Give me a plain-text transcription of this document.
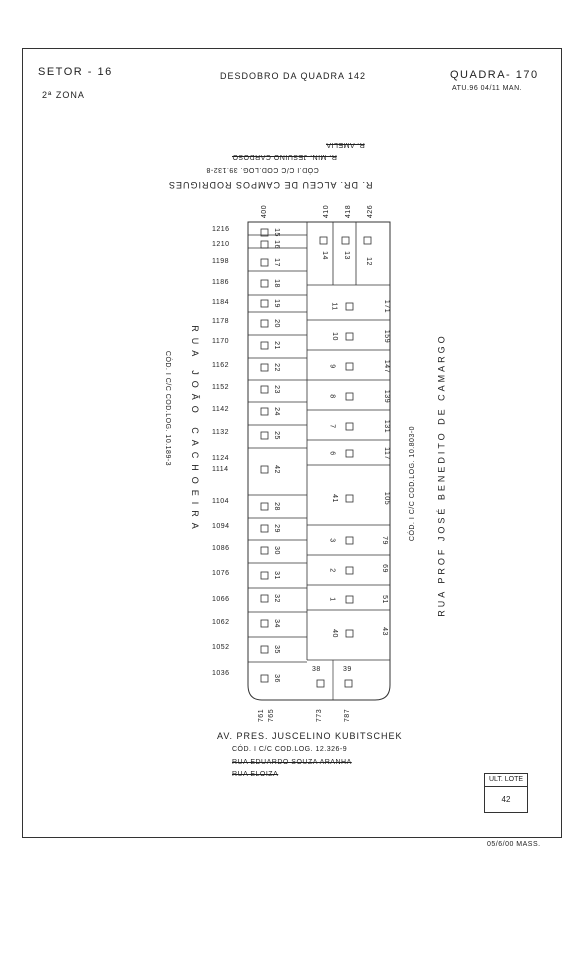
SETOR - 16
2ª ZONA
DESDOBRO DA QUADRA 142	QUADRA- 170
ATU.96 04/11 MAN.
R. DR. ALCEU DE CAMPOS RODRIGUES
CÓD.I C/C COD.LOG. 39.132-8
R. MIN. JESUINO CARDOSO
R. AMELIA
RUA JOÃO CACHOEIRA
CÓD. I C/C COD.LOG. 10.189-3	RUA PROF JOSÉ BENEDITO DE CAMARGO
CÓD. I C/C COD.LOG. 10.803-0
AV. PRES. JUSCELINO KUBITSCHEK
CÓD. I C/C COD.LOG. 12.326-9
RUA EDUARDO SOUZA ARANHA
RUA ELOIZA
1216
1210
1198
1186
1184
1178
1170
1162
1152
1142
1132
1124
1114
1104
1094
1086
1076
1066
1062
1052
1036
171
159
147
139
131
117
105
79
69
51
43
400	410 418 426
761 765	773	787
15
16
17
18
19
20
21
22
23
24
25
42
28
29
30
31
32
34
35
36
11
10
9
8
7
6
41
3
2
1
40
14 13
12
38	39
ULT. LOTE
42
05/6/00 MASS.
